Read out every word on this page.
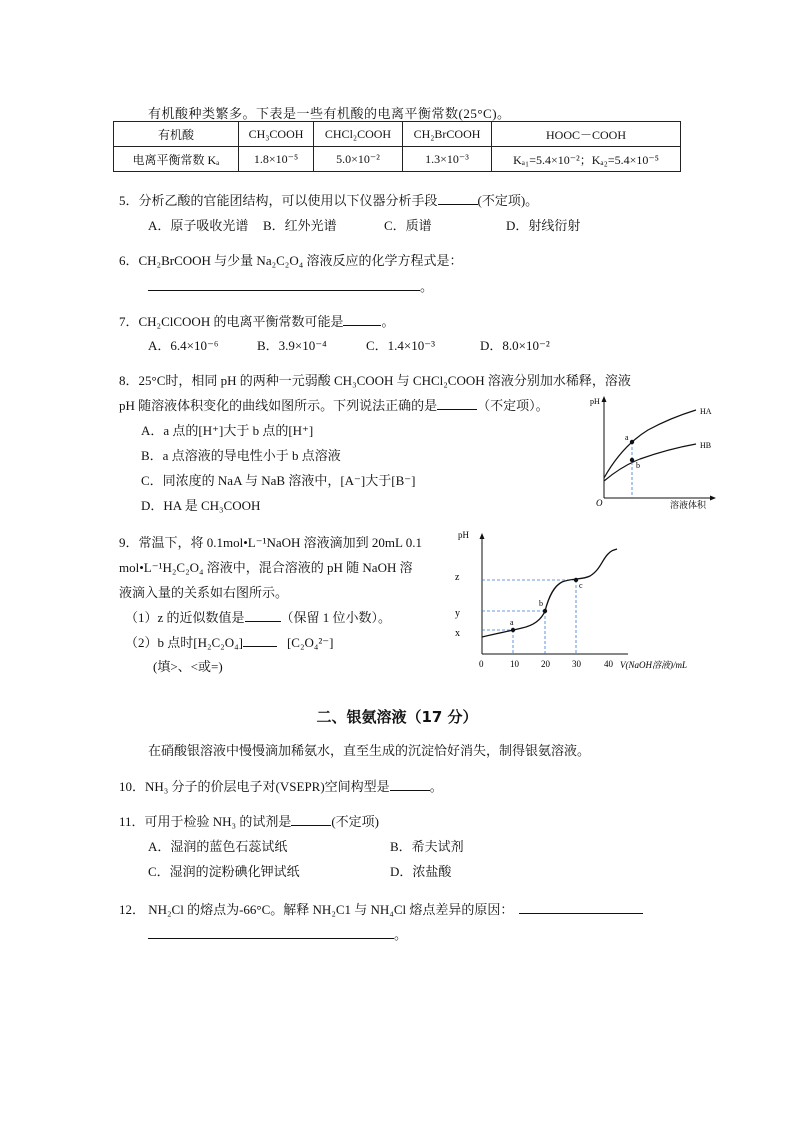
有机酸种类繁多。下表是一些有机酸的电离平衡常数(25°C)。
有机酸	CH₃COOH	CHCl₂COOH	CH₂BrCOOH	HOOC－COOH
电离平衡常数 Kₐ	1.8×10⁻⁵	5.0×10⁻²	1.3×10⁻³	Kₐ₁=5.4×10⁻²；Kₐ₂=5.4×10⁻⁵
5．分析乙酸的官能团结构，可以使用以下仪器分析手段	(不定项)。
A．原子吸收光谱 B．红外光谱	C．质谱	D．射线衍射
6．CH₂BrCOOH 与少量 Na₂C₂O₄ 溶液反应的化学方程式是：
。
7．CH₂ClCOOH 的电离平衡常数可能是	。
A．6.4×10⁻⁶	B．3.9×10⁻⁴	C．1.4×10⁻³	D．8.0×10⁻²
8．25°C时，相同 pH 的两种一元弱酸 CH₃COOH 与 CHCl₂COOH 溶液分别加水稀释，溶液
pH 随溶液体积变化的曲线如图所示。下列说法正确的是	（不定项）。
A．a 点的[H⁺]大于 b 点的[H⁺]
B．a 点溶液的导电性小于 b 点溶液
C．同浓度的 NaA 与 NaB 溶液中，[A⁻]大于[B⁻]
D．HA 是 CH₃COOH
pH
O	溶液体积
HA
HB
a
b
9．常温下，将 0.1mol•L⁻¹NaOH 溶液滴加到 20mL 0.1
mol•L⁻¹H₂C₂O₄ 溶液中，混合溶液的 pH 随 NaOH 溶
液滴入量的关系如右图所示。
（1）z 的近似数值是	（保留 1 位小数）。
（2）b 点时[H₂C₂O₄]	[C₂O₄²⁻]
(填>、<或=)
pH
z
y
x
0	10 20 30	40 V(NaOH溶液)/mL
a
b
c
二、银氨溶液（17 分）
在硝酸银溶液中慢慢滴加稀氨水，直至生成的沉淀恰好消失，制得银氨溶液。
10．NH₃ 分子的价层电子对(VSEPR)空间构型是	。
11．可用于检验 NH₃ 的试剂是	(不定项)
A．湿润的蓝色石蕊试纸	B．希夫试剂
C．湿润的淀粉碘化钾试纸	D．浓盐酸
12． NH₂Cl 的熔点为-66°C。解释 NH₂C1 与 NH₄Cl 熔点差异的原因：
。
